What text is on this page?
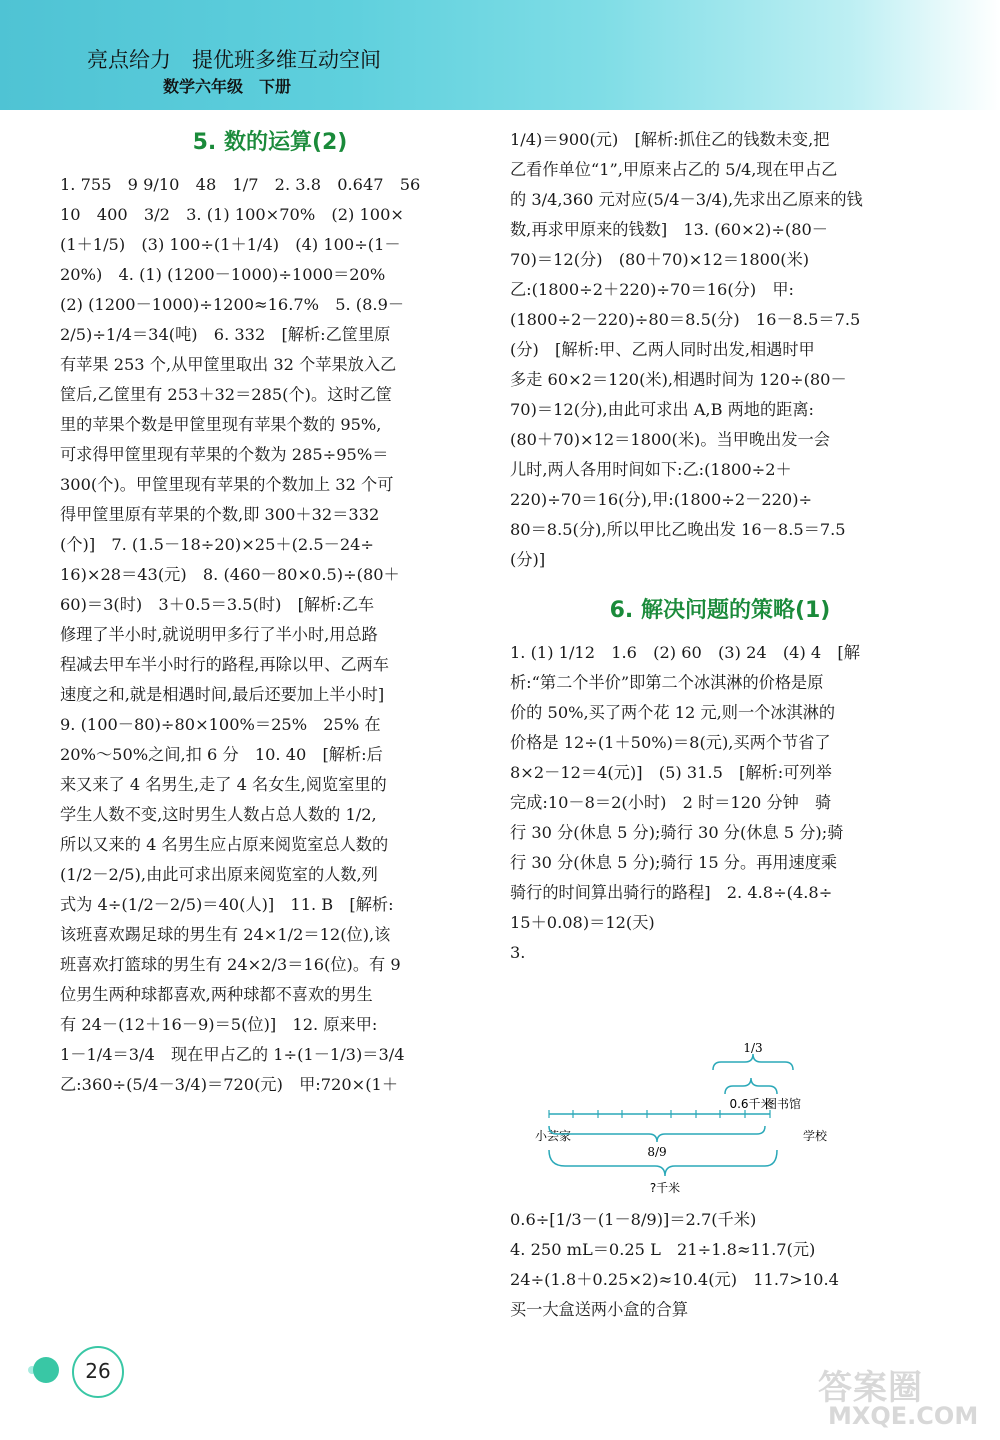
亮点给力　提优班多维互动空间
数学六年级　下册
5. 数的运算(2)

1. 755　9 9/10　48　1/7　2. 3.8　0.647　56

10　400　3/2　3. (1) 100×70%　(2) 100×

(1＋1/5)　(3) 100÷(1＋1/4)　(4) 100÷(1－

20%)　4. (1) (1200－1000)÷1000＝20%

(2) (1200－1000)÷1200≈16.7%　5. (8.9－

2/5)÷1/4＝34(吨)　6. 332　[解析:乙筐里原

有苹果 253 个,从甲筐里取出 32 个苹果放入乙

筐后,乙筐里有 253＋32＝285(个)。这时乙筐

里的苹果个数是甲筐里现有苹果个数的 95%,

可求得甲筐里现有苹果的个数为 285÷95%＝

300(个)。甲筐里现有苹果的个数加上 32 个可

得甲筐里原有苹果的个数,即 300＋32＝332

(个)]　7. (1.5－18÷20)×25＋(2.5－24÷

16)×28＝43(元)　8. (460－80×0.5)÷(80＋

60)＝3(时)　3＋0.5＝3.5(时)　[解析:乙车

修理了半小时,就说明甲多行了半小时,用总路

程减去甲车半小时行的路程,再除以甲、乙两车

速度之和,就是相遇时间,最后还要加上半小时]

9. (100－80)÷80×100%＝25%　25% 在

20%～50%之间,扣 6 分　10. 40　[解析:后

来又来了 4 名男生,走了 4 名女生,阅览室里的

学生人数不变,这时男生人数占总人数的 1/2,

所以又来的 4 名男生应占原来阅览室总人数的

(1/2－2/5),由此可求出原来阅览室的人数,列

式为 4÷(1/2－2/5)＝40(人)]　11. B　[解析:

该班喜欢踢足球的男生有 24×1/2＝12(位),该

班喜欢打篮球的男生有 24×2/3＝16(位)。有 9

位男生两种球都喜欢,两种球都不喜欢的男生

有 24－(12＋16－9)＝5(位)]　12. 原来甲:

1－1/4＝3/4　现在甲占乙的 1÷(1－1/3)＝3/4

乙:360÷(5/4－3/4)＝720(元)　甲:720×(1＋

1/4)＝900(元)　[解析:抓住乙的钱数未变,把

乙看作单位“1”,甲原来占乙的 5/4,现在甲占乙

的 3/4,360 元对应(5/4－3/4),先求出乙原来的钱

数,再求甲原来的钱数]　13. (60×2)÷(80－

70)＝12(分)　(80＋70)×12＝1800(米)

乙:(1800÷2＋220)÷70＝16(分)　甲:

(1800÷2－220)÷80＝8.5(分)　16－8.5＝7.5

(分)　[解析:甲、乙两人同时出发,相遇时甲

多走 60×2＝120(米),相遇时间为 120÷(80－

70)＝12(分),由此可求出 A,B 两地的距离:

(80＋70)×12＝1800(米)。当甲晚出发一会

儿时,两人各用时间如下:乙:(1800÷2＋

220)÷70＝16(分),甲:(1800÷2－220)÷

80＝8.5(分),所以甲比乙晚出发 16－8.5＝7.5

(分)]

6. 解决问题的策略(1)

1. (1) 1/12　1.6　(2) 60　(3) 24　(4) 4　[解

析:“第二个半价”即第二个冰淇淋的价格是原

价的 50%,买了两个花 12 元,则一个冰淇淋的

价格是 12÷(1＋50%)＝8(元),买两个节省了

8×2－12＝4(元)]　(5) 31.5　[解析:可列举

完成:10－8＝2(小时)　2 时＝120 分钟　骑

行 30 分(休息 5 分);骑行 30 分(休息 5 分);骑

行 30 分(休息 5 分);骑行 15 分。再用速度乘

骑行的时间算出骑行的路程]　2. 4.8÷(4.8÷

15＋0.08)＝12(天)

3.

1/3
0.6千米
图书馆
小芸家	学校
8/9
?千米

0.6÷[1/3－(1－8/9)]＝2.7(千米)

4. 250 mL＝0.25 L　21÷1.8≈11.7(元)

24÷(1.8＋0.25×2)≈10.4(元)　11.7>10.4

买一大盒送两小盒的合算

26	答案圈
MXQE.COM
